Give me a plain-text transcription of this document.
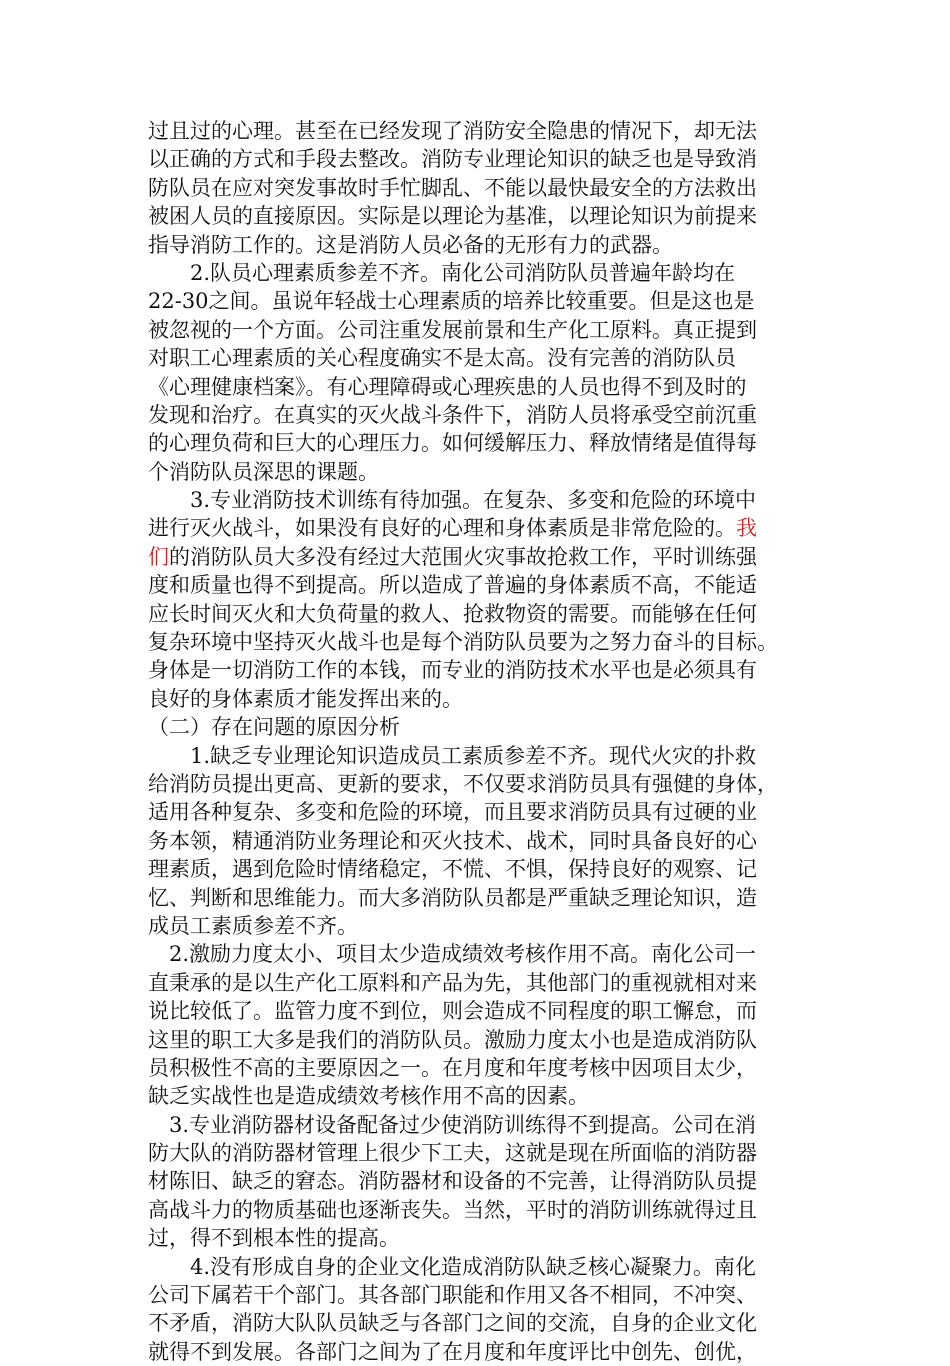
过且过的心理。甚至在已经发现了消防安全隐患的情况下，却无法
以正确的方式和手段去整改。消防专业理论知识的缺乏也是导致消
防队员在应对突发事故时手忙脚乱、不能以最快最安全的方法救出
被困人员的直接原因。实际是以理论为基准，以理论知识为前提来
指导消防工作的。这是消防人员必备的无形有力的武器。
　　2.队员心理素质参差不齐。南化公司消防队员普遍年龄均在
22-30之间。虽说年轻战士心理素质的培养比较重要。但是这也是
被忽视的一个方面。公司注重发展前景和生产化工原料。真正提到
对职工心理素质的关心程度确实不是太高。没有完善的消防队员
《心理健康档案》。有心理障碍或心理疾患的人员也得不到及时的
发现和治疗。在真实的灭火战斗条件下，消防人员将承受空前沉重
的心理负荷和巨大的心理压力。如何缓解压力、释放情绪是值得每
个消防队员深思的课题。
　　3.专业消防技术训练有待加强。在复杂、多变和危险的环境中
进行灭火战斗，如果没有良好的心理和身体素质是非常危险的。我
们的消防队员大多没有经过大范围火灾事故抢救工作，平时训练强
度和质量也得不到提高。所以造成了普遍的身体素质不高，不能适
应长时间灭火和大负荷量的救人、抢救物资的需要。而能够在任何
复杂环境中坚持灭火战斗也是每个消防队员要为之努力奋斗的目标。
身体是一切消防工作的本钱，而专业的消防技术水平也是必须具有
良好的身体素质才能发挥出来的。
（二）存在问题的原因分析
　　1.缺乏专业理论知识造成员工素质参差不齐。现代火灾的扑救
给消防员提出更高、更新的要求，不仅要求消防员具有强健的身体，
适用各种复杂、多变和危险的环境，而且要求消防员具有过硬的业
务本领，精通消防业务理论和灭火技术、战术，同时具备良好的心
理素质，遇到危险时情绪稳定，不慌、不惧，保持良好的观察、记
忆、判断和思维能力。而大多消防队员都是严重缺乏理论知识，造
成员工素质参差不齐。
　2.激励力度太小、项目太少造成绩效考核作用不高。南化公司一
直秉承的是以生产化工原料和产品为先，其他部门的重视就相对来
说比较低了。监管力度不到位，则会造成不同程度的职工懈怠，而
这里的职工大多是我们的消防队员。激励力度太小也是造成消防队
员积极性不高的主要原因之一。在月度和年度考核中因项目太少，
缺乏实战性也是造成绩效考核作用不高的因素。
　3.专业消防器材设备配备过少使消防训练得不到提高。公司在消
防大队的消防器材管理上很少下工夫，这就是现在所面临的消防器
材陈旧、缺乏的窘态。消防器材和设备的不完善，让得消防队员提
高战斗力的物质基础也逐渐丧失。当然，平时的消防训练就得过且
过，得不到根本性的提高。
　　4.没有形成自身的企业文化造成消防队缺乏核心凝聚力。南化
公司下属若干个部门。其各部门职能和作用又各不相同，不冲突、
不矛盾，消防大队队员缺乏与各部门之间的交流，自身的企业文化
就得不到发展。各部门之间为了在月度和年度评比中创先、创优，
